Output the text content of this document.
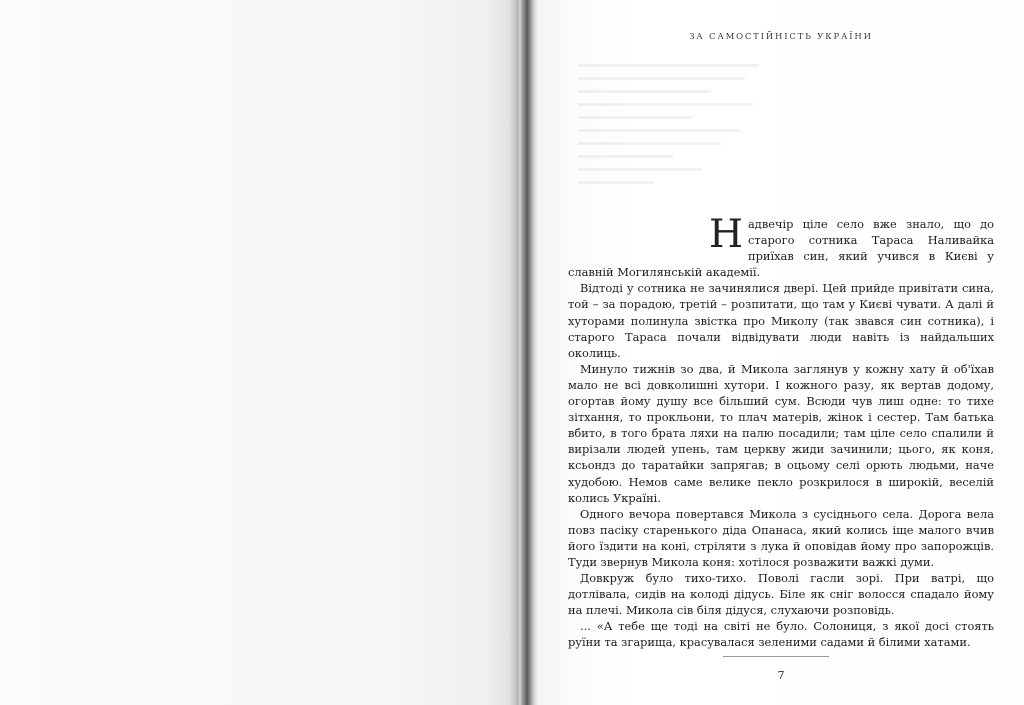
ЗА САМОСТІЙНІСТЬ УКРАЇНИ

Надвечір ціле село вже знало, що до старого сотника Тараса Наливайка приїхав син, який учився в Києві у славній Могилянській академії.

Відтоді у сотника не зачинялися двері. Цей прийде привітати сина, той – за порадою, третій – розпитати, що там у Києві чувати. А далі й хуторами полинула звістка про Миколу (так звався син сотника), і старого Тараса почали відвідувати люди навіть із найдальших околиць.

Минуло тижнів зо два, й Микола заглянув у кожну хату й об'їхав мало не всі довколишні хутори. І кожного разу, як вертав додому, огортав йому душу все більший сум. Всюди чув лиш одне: то тихе зітхання, то прокльони, то плач матерів, жінок і сестер. Там батька вбито, в того брата ляхи на палю посадили; там ціле село спалили й вирізали людей упень, там церкву жиди зачинили; цього, як коня, ксьондз до таратайки запрягав; в оцьому селі орють людьми, наче худобою. Немов саме велике пекло розкрилося в широкій, веселій колись Україні.

Одного вечора повертався Микола з сусіднього села. Дорога вела повз пасіку старенького діда Опанаса, який колись іще малого вчив його їздити на коні, стріляти з лука й оповідав йому про запорожців. Туди звернув Микола коня: хотілося розважити важкі думи.

Довкруж було тихо-тихо. Поволі гасли зорі. При ватрі, що дотлівала, сидів на колоді дідусь. Біле як сніг волосся спадало йому на плечі. Микола сів біля дідуся, слухаючи розповідь.

... «А тебе ще тоді на світі не було. Солониця, з якої досі стоять руїни та згарища, красувалася зеленими садами й білими хатами.

7
